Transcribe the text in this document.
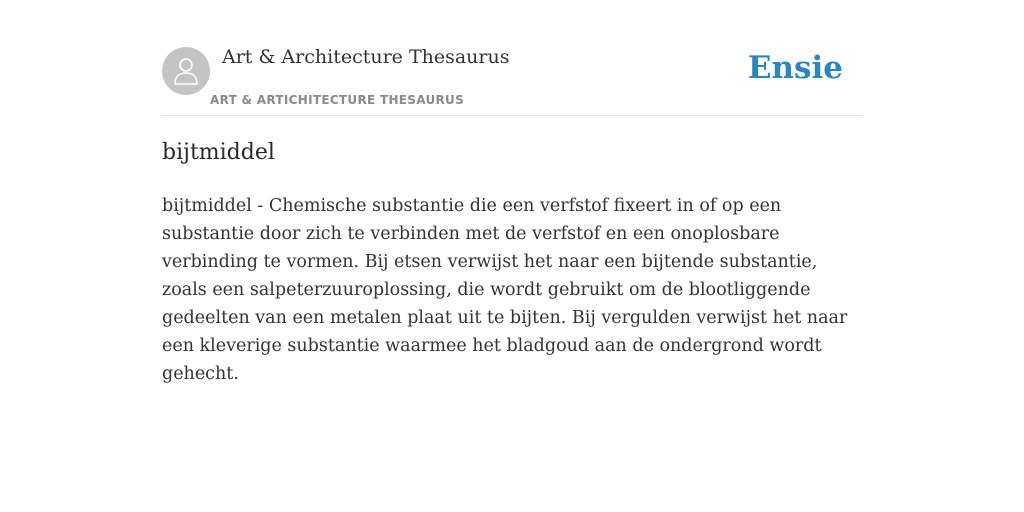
Art & Architecture Thesaurus
ART & ARTICHITECTURE THESAURUS
Ensie
bijtmiddel

bijtmiddel - Chemische substantie die een verfstof fixeert in of op een substantie door zich te verbinden met de verfstof en een onoplosbare verbinding te vormen. Bij etsen verwijst het naar een bijtende substantie, zoals een salpeterzuuroplossing, die wordt gebruikt om de blootliggende gedeelten van een metalen plaat uit te bijten. Bij vergulden verwijst het naar een kleverige substantie waarmee het bladgoud aan de ondergrond wordt gehecht.
